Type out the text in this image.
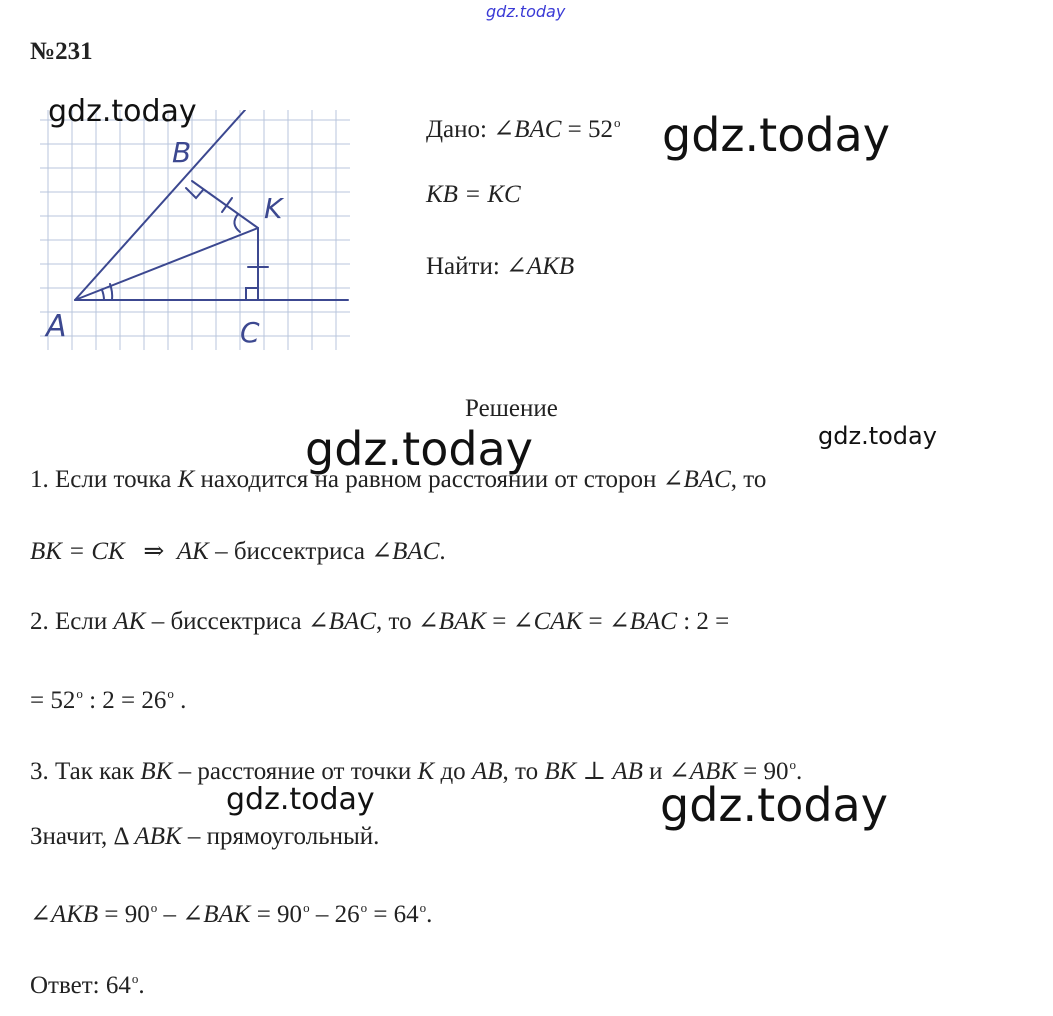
gdz.today
№231
A
B
K
C
gdz.today
Дано: ∠BAC = $52^o$ gdz.today
KB = KC
Найти: ∠AKB
Решение
gdz.today	gdz.today
1. Если точка K находится на равном расстоянии от сторон ∠BAC, то
BK = CK ⇒ AK – биссектриса ∠BAC.
2. Если AK – биссектриса ∠BAC, то ∠BAK = ∠CAK = ∠BAC : 2 =
= $52^o$ : $2 = 26^o$ .
3. Так как BK – расстояние от точки K до AB, то BK ⊥ AB и ∠ABK = $90^o$.
gdz.today	gdz.today
Значит, Δ ABK – прямоугольный.
∠AKB = $90^o$ – ∠BAK = $90^o - 26^o = 64^o$.
Ответ: 64$^o$.
